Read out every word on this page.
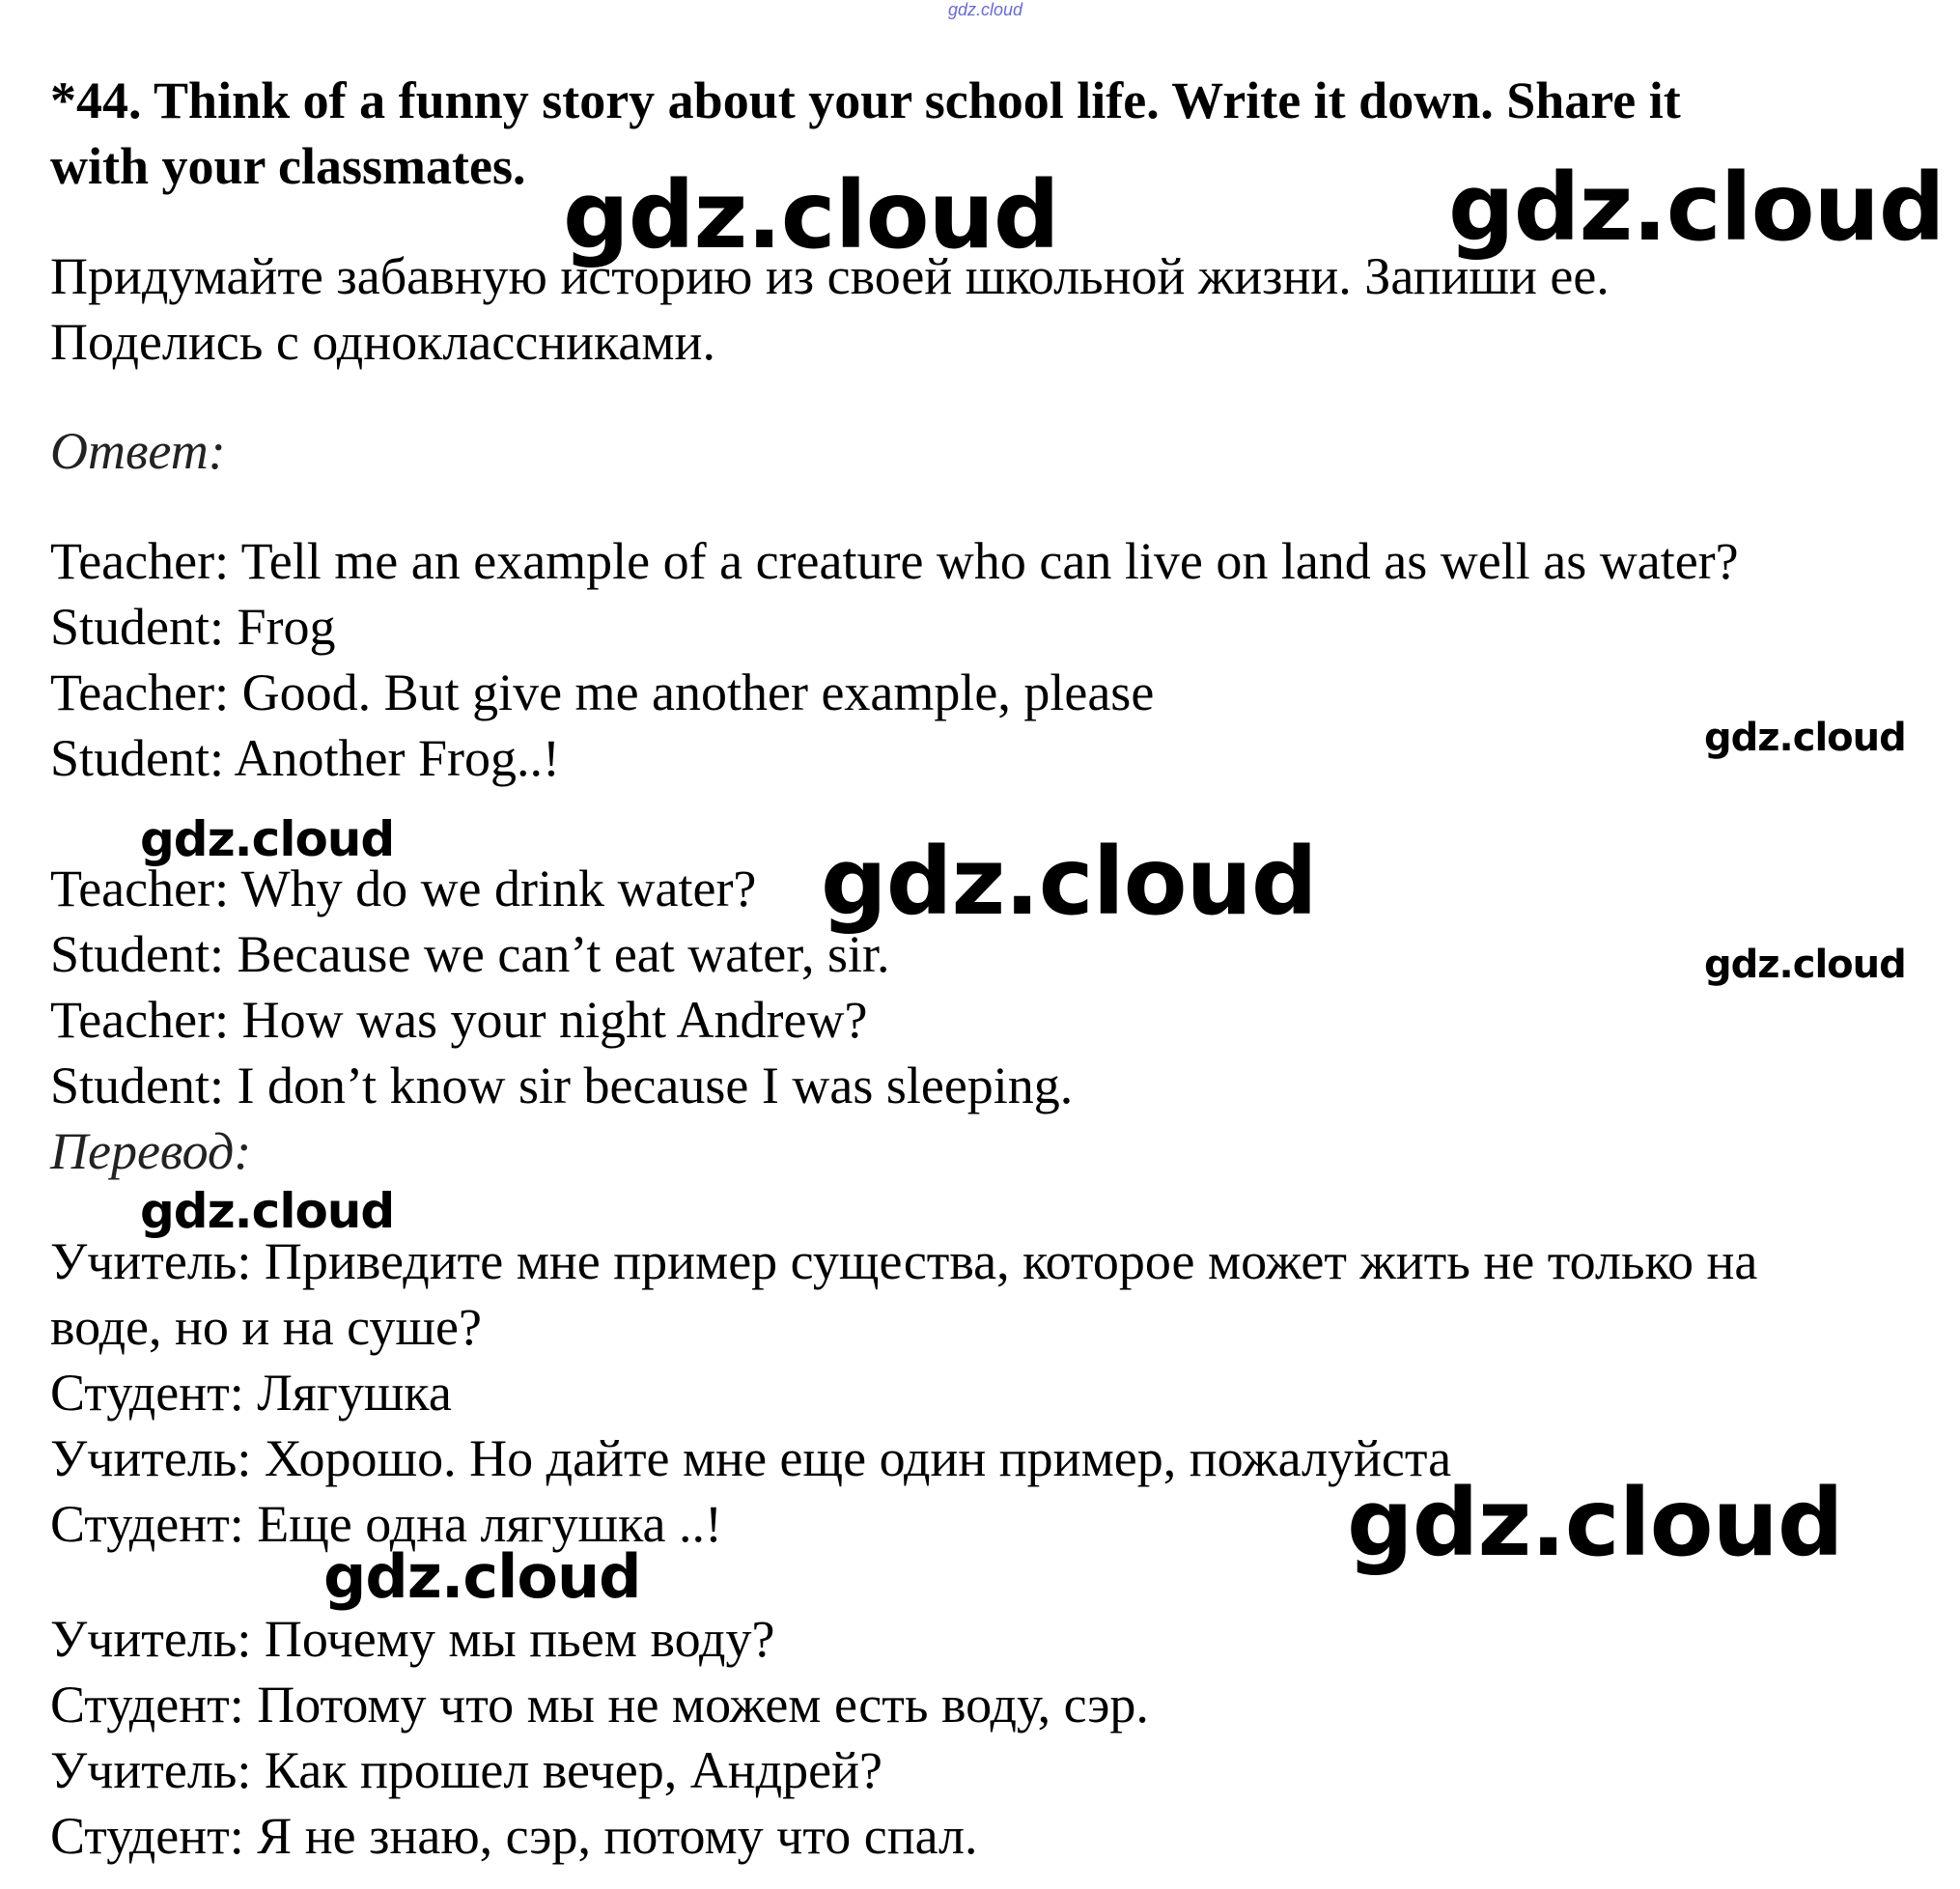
gdz.cloud

*44. Think of a funny story about your school life. Write it down. Share it

with your classmates.

Придумайте забавную историю из своей школьной жизни. Запиши ее.

Поделись с одноклассниками.

Ответ:

Teacher: Tell me an example of a creature who can live on land as well as water?

Student: Frog

Teacher: Good. But give me another example, please

Student: Another Frog..!

Teacher: Why do we drink water?

Student: Because we can’t eat water, sir.

Teacher: How was your night Andrew?

Student: I don’t know sir because I was sleeping.

Перевод:

Учитель: Приведите мне пример существа, которое может жить не только на

воде, но и на суше?

Студент: Лягушка

Учитель: Хорошо. Но дайте мне еще один пример, пожалуйста

Студент: Еще одна лягушка ..!

Учитель: Почему мы пьем воду?

Студент: Потому что мы не можем есть воду, сэр.

Учитель: Как прошел вечер, Андрей?

Студент: Я не знаю, сэр, потому что спал.

gdz.cloud	gdz.cloud
gdz.cloud
gdz.cloud	gdz.cloud
gdz.cloud
gdz.cloud
gdz.cloud
gdz.cloud
